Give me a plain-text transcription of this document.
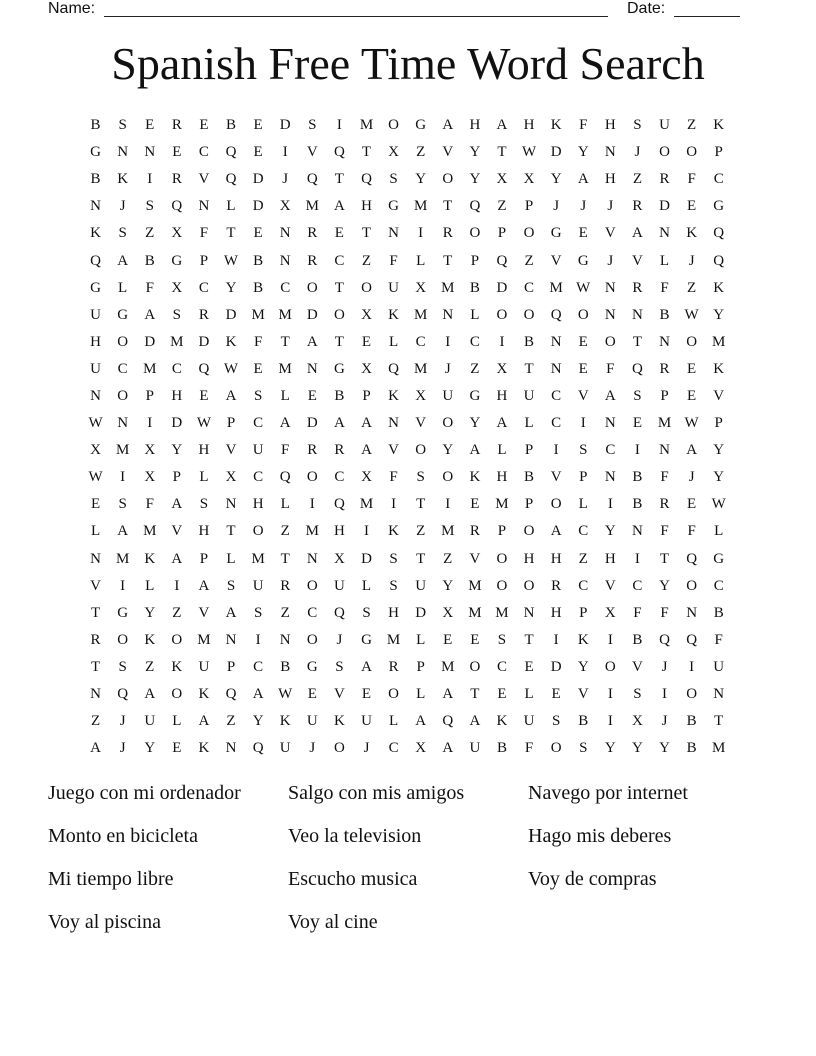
Name:	Date:
Spanish Free Time Word Search
B	S	E	R	E	B	E	D	S	I	M	O	G	A	H	A	H	K	F	H	S	U	Z	K
G	N	N	E	C	Q	E	I	V	Q	T	X	Z	V	Y	T	W D	Y	N	J	O	O	P
B	K	I	R	V	Q	D	J	Q	T	Q	S	Y	O	Y	X	X	Y	A	H	Z	R	F	C
N	J	S	Q	N	L	D	X	M	A	H	G	M	T	Q	Z	P	J	J	J	R	D	E	G
K	S	Z	X	F	T	E	N	R	E	T	N	I	R	O	P	O	G	E	V	A	N	K	Q
Q	A	B	G	P	W	B	N	R	C	Z	F	L	T	P	Q	Z	V	G	J	V	L	J	Q
G	L	F	X	C	Y	B	C	O	T	O	U	X	M	B	D	C	M W N	R	F	Z	K
U	G	A	S	R	D	M M	D	O	X	K	M	N	L	O	O	Q	O	N	N	B	W Y
H	O	D	M	D	K	F	T	A	T	E	L	C	I	C	I	B	N	E	O	T	N	O	M
U	C	M	C	Q W	E	M	N	G	X	Q	M	J	Z	X	T	N	E	F	Q	R	E	K
N	O	P	H	E	A	S	L	E	B	P	K	X	U	G	H	U	C	V	A	S	P	E	V
W N	I	D W	P	C	A	D	A	A	N	V	O	Y	A	L	C	I	N	E	M W	P
X	M	X	Y	H	V	U	F	R	R	A	V	O	Y	A	L	P	I	S	C	I	N	A	Y
W	I	X	P	L	X	C	Q	O	C	X	F	S	O	K	H	B	V	P	N	B	F	J	Y
E	S	F	A	S	N	H	L	I	Q	M	I	T	I	E	M	P	O	L	I	B	R	E	W
L	A	M	V	H	T	O	Z	M	H	I	K	Z	M	R	P	O	A	C	Y	N	F	F	L
N	M	K	A	P	L	M	T	N	X	D	S	T	Z	V	O	H	H	Z	H	I	T	Q	G
V	I	L	I	A	S	U	R	O	U	L	S	U	Y	M	O	O	R	C	V	C	Y	O	C
T	G	Y	Z	V	A	S	Z	C	Q	S	H	D	X	M M	N	H	P	X	F	F	N	B
R	O	K	O	M	N	I	N	O	J	G	M	L	E	E	S	T	I	K	I	B	Q	Q	F
T	S	Z	K	U	P	C	B	G	S	A	R	P	M	O	C	E	D	Y	O	V	J	I	U
N	Q	A	O	K	Q	A W	E	V	E	O	L	A	T	E	L	E	V	I	S	I	O	N
Z	J	U	L	A	Z	Y	K	U	K	U	L	A	Q	A	K	U	S	B	I	X	J	B	T
A	J	Y	E	K	N	Q	U	J	O	J	C	X	A	U	B	F	O	S	Y	Y	Y	B	M
Juego con mi ordenador	Salgo con mis amigos	Navego por internet
Monto en bicicleta	Veo la television	Hago mis deberes
Mi tiempo libre	Escucho musica	Voy de compras
Voy al piscina	Voy al cine
